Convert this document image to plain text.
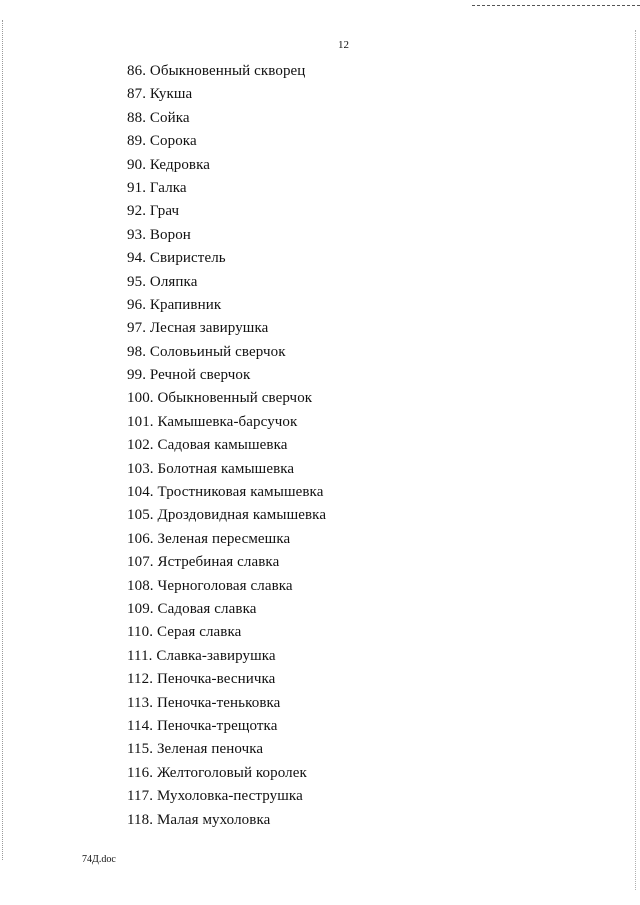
12
86. Обыкновенный скворец
87. Кукша
88. Сойка
89. Сорока
90. Кедровка
91. Галка
92. Грач
93. Ворон
94. Свиристель
95. Оляпка
96. Крапивник
97. Лесная завирушка
98. Соловьиный сверчок
99. Речной сверчок
100. Обыкновенный сверчок
101. Камышевка-барсучок
102. Садовая камышевка
103. Болотная камышевка
104. Тростниковая камышевка
105. Дроздовидная камышевка
106. Зеленая пересмешка
107. Ястребиная славка
108. Черноголовая славка
109. Садовая славка
110. Серая славка
111. Славка-завирушка
112. Пеночка-весничка
113. Пеночка-теньковка
114. Пеночка-трещотка
115. Зеленая пеночка
116. Желтоголовый королек
117. Мухоловка-пеструшка
118. Малая мухоловка
74Д.doc
